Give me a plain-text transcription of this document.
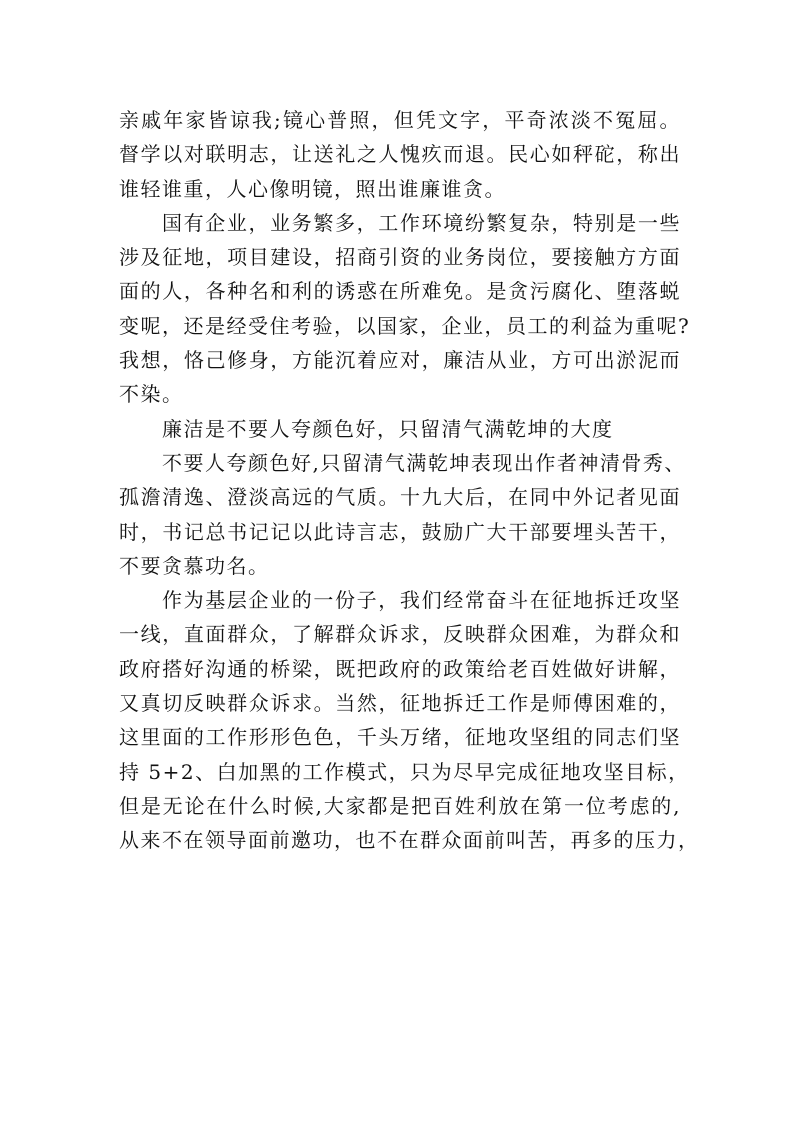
亲戚年家皆谅我;镜心普照，但凭文字，平奇浓淡不冤屈。
督学以对联明志，让送礼之人愧疚而退。民心如秤砣，称出
谁轻谁重，人心像明镜，照出谁廉谁贪。
国有企业，业务繁多，工作环境纷繁复杂，特别是一些
涉及征地，项目建设，招商引资的业务岗位，要接触方方面
面的人，各种名和利的诱惑在所难免。是贪污腐化、堕落蜕
变呢，还是经受住考验，以国家，企业，员工的利益为重呢?
我想，恪己修身，方能沉着应对，廉洁从业，方可出淤泥而
不染。
廉洁是不要人夸颜色好，只留清气满乾坤的大度
不要人夸颜色好,只留清气满乾坤表现出作者神清骨秀、
孤澹清逸、澄淡高远的气质。十九大后，在同中外记者见面
时，书记总书记记以此诗言志，鼓励广大干部要埋头苦干，
不要贪慕功名。
作为基层企业的一份子，我们经常奋斗在征地拆迁攻坚
一线，直面群众，了解群众诉求，反映群众困难，为群众和
政府搭好沟通的桥梁，既把政府的政策给老百姓做好讲解，
又真切反映群众诉求。当然，征地拆迁工作是师傅困难的，
这里面的工作形形色色，千头万绪，征地攻坚组的同志们坚
持 5+2、白加黑的工作模式，只为尽早完成征地攻坚目标，
但是无论在什么时候,大家都是把百姓利放在第一位考虑的,
从来不在领导面前邀功，也不在群众面前叫苦，再多的压力，
